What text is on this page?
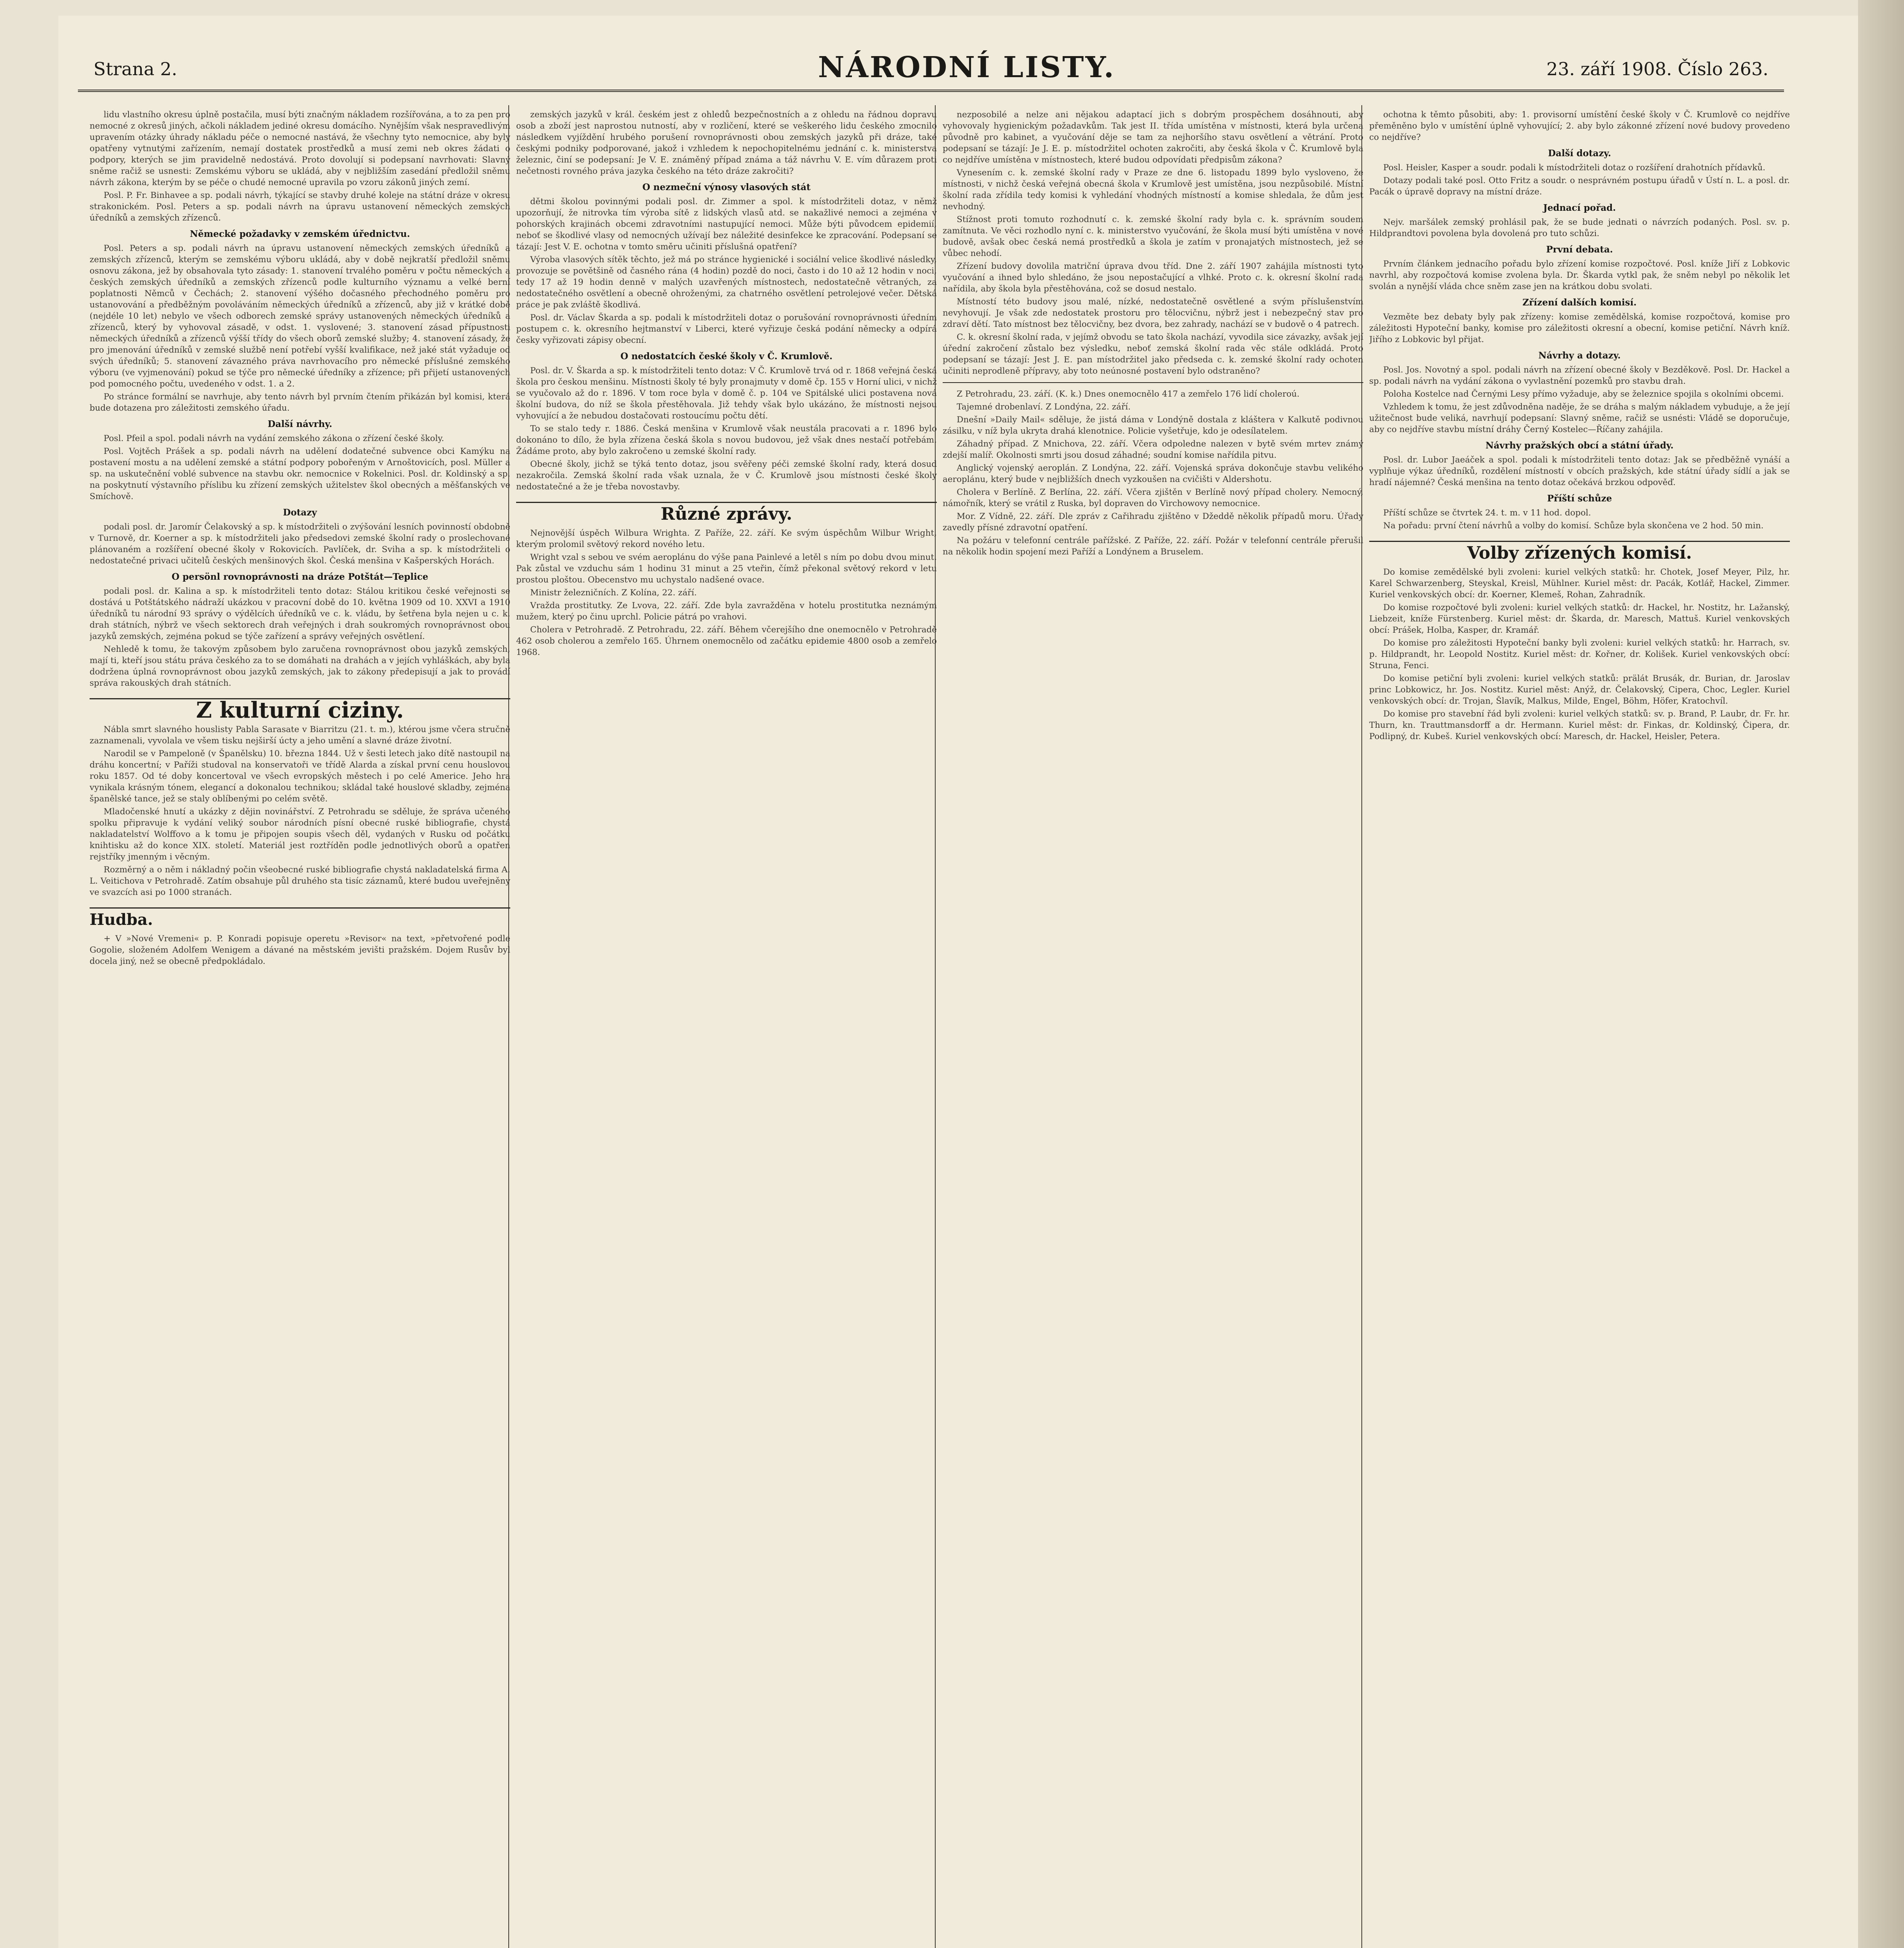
Strana 2.	NÁRODNÍ LISTY.	23. září 1908. Číslo 263.

lidu vlastního okresu úplně postačila, musí býti značným nákladem rozšířována, a to za pen pro nemocné z okresů jiných, ačkoli nákladem jediné okresu domácího. Nynějším však nespravedlivým upravením otázky úhrady nákladu péče o nemocné nastává, že všechny tyto nemocnice, aby byly opatřeny vytnutými zařízením, nemají dostatek prostředků a musí zemi neb okres žádati o podpory, kterých se jim pravidelně nedostává. Proto dovolují si podepsaní navrhovati: Slavný sněme račiž se usnesti: Zemskému výboru se ukládá, aby v nejbližším zasedání předložil sněmu návrh zákona, kterým by se péče o chudé nemocné upravila po vzoru zákonů jiných zemí.

Posl. P. Fr. Binhavee a sp. podali návrh, týkající se stavby druhé koleje na státní dráze v okresu strakonickém. Posl. Peters a sp. podali návrh na úpravu ustanovení německých zemských úředníků a zemských zřízenců.

Německé požadavky v zemském úřednictvu.

Posl. Peters a sp. podali návrh na úpravu ustanovení německých zemských úředníků a zemských zřízenců, kterým se zemskému výboru ukládá, aby v době nejkratší předložil sněmu osnovu zákona, jež by obsahovala tyto zásady: 1. stanovení trvalého poměru v počtu německých a českých zemských úředníků a zemských zřízenců podle kulturního významu a velké berní poplatnosti Němců v Čechách; 2. stanovení výšého dočasného přechodného poměru pro ustanovování a předběžným povoláváním německých úředníků a zřízenců, aby již v krátké době (nejdéle 10 let) nebylo ve všech odborech zemské správy ustanovených německých úředníků a zřízenců, který by vyhovoval zásadě, v odst. 1. vyslovené; 3. stanovení zásad přípustnosti německých úředníků a zřízenců výšší třídy do všech oborů zemské služby; 4. stanovení zásady, že pro jmenování úředníků v zemské službě není potřebí vyšší kvalifikace, než jaké stát vyžaduje od svých úředníků; 5. stanovení závazného práva navrhovacího pro německé příslušné zemského výboru (ve vyjmenování) pokud se týče pro německé úředníky a zřízence; při přijetí ustanovených pod pomocného počtu, uvedeného v odst. 1. a 2.

Po stránce formální se navrhuje, aby tento návrh byl prvním čtením přikázán byl komisi, která bude dotazena pro záležitosti zemského úřadu.

Další návrhy.

Posl. Pfeil a spol. podali návrh na vydání zemského zákona o zřízení české školy.

Posl. Vojtěch Prášek a sp. podali návrh na udělení dodatečné subvence obci Kamýku na postavení mostu a na udělení zemské a státní podpory pobořeným v Arnoštovicích, posl. Müller a sp. na uskutečnění voblé subvence na stavbu okr. nemocnice v Rokelnici. Posl. dr. Koldinský a sp. na poskytnutí výstavního příslibu ku zřízení zemských užitelstev škol obecných a měšťanských ve Smíchově.

Dotazy

podali posl. dr. Jaromír Čelakovský a sp. k místodržiteli o zvýšování lesních povinností obdobně v Turnově, dr. Koerner a sp. k místodržiteli jako předsedovi zemské školní rady o proslechované plánovaném a rozšíření obecné školy v Rokovicích. Pavlíček, dr. Sviha a sp. k místodržiteli o nedostatečné privaci učitelů českých menšinových škol. Česká menšina v Kašperských Horách.

O persönl rovnoprávnosti na dráze Potštát—Teplice

podali posl. dr. Kalina a sp. k místodržiteli tento dotaz: Stálou kritikou české veřejnosti se dostává u Potštátského nádraží ukázkou v pracovní době do 10. května 1909 od 10. XXVI a 1910 úředníků tu národní 93 správy o výdělcích úředníků ve c. k. vládu, by šetřena byla nejen u c. k. drah státních, nýbrž ve všech sektorech drah veřejných i drah soukromých rovnoprávnost obou jazyků zemských, zejména pokud se týče zařízení a správy veřejných osvětlení.

Nehledě k tomu, že takovým způsobem bylo zaručena rovnoprávnost obou jazyků zemských, mají ti, kteří jsou státu práva českého za to se domáhati na drahách a v jejích vyhláškách, aby byla dodržena úplná rovnoprávnost obou jazyků zemských, jak to zákony předepisují a jak to provádí správa rakouských drah státních.

Z kulturní ciziny.

Nábla smrt slavného houslisty Pabla Sarasate v Biarritzu (21. t. m.), ktérou jsme včera stručně zaznamenali, vyvolala ve všem tisku nejširší úcty a jeho umění a slavné dráze životní.

Narodil se v Pampeloně (v Španělsku) 10. března 1844. Už v šesti letech jako dítě nastoupil na dráhu koncertní; v Paříži studoval na konservatoři ve třídě Alarda a získal první cenu houslovou roku 1857. Od té doby koncertoval ve všech evropských městech i po celé Americe. Jeho hra vynikala krásným tónem, elegancí a dokonalou technikou; skládal také houslové skladby, zejména španělské tance, jež se staly oblíbenými po celém světě.

Mladočenské hnutí a ukázky z dějin novinářství. Z Petrohradu se sděluje, že správa učeného spolku připravuje k vydání veliký soubor národních písní obecné ruské bibliografie, chystá nakladatelství Wolffovo a k tomu je připojen soupis všech děl, vydaných v Rusku od počátku knihtisku až do konce XIX. století. Materiál jest roztříděn podle jednotlivých oborů a opatřen rejstříky jmenným i věcným.

Rozměrný a o něm i nákladný počin všeobecné ruské bibliografie chystá nakladatelská firma A. L. Veitichova v Petrohradě. Zatím obsahuje půl druhého sta tisíc záznamů, které budou uveřejněny ve svazcích asi po 1000 stranách.

Hudba.

+ V »Nové Vremeni« p. P. Konradi popisuje operetu »Revisor« na text, »přetvořené podle Gogolie, složeném Adolfem Wenigem a dávané na městském jevišti pražském. Dojem Rusův byl docela jiný, než se obecně předpokládalo.

zemských jazyků v král. českém jest z ohledů bezpečnostních a z ohledu na řádnou dopravu osob a zboží jest naprostou nutností, aby v rozličení, které se veškerého lidu českého zmocnilo následkem vyjíždění hrubého porušení rovnoprávnosti obou zemských jazyků při dráze, také českými podniky podporované, jakož i vzhledem k nepochopitelnému jednání c. k. ministerstva železnic, činí se podepsaní: Je V. E. známěný případ známa a táž návrhu V. E. vím důrazem proti nečetnosti rovného práva jazyka českého na této dráze zakročiti?

O nezmeční výnosy vlasových stát

dětmi školou povinnými podali posl. dr. Zimmer a spol. k místodržiteli dotaz, v němž upozorňují, že nitrovka tím výroba sítě z lidských vlasů atd. se nakažlivé nemoci a zejména v pohorských krajinách obcemi zdravotními nastupující nemoci. Může býti původcem epidemií, neboť se škodlivé vlasy od nemocných užívají bez náležité desinfekce ke zpracování. Podepsaní se tázají: Jest V. E. ochotna v tomto směru učiniti příslušná opatření?

Výroba vlasových sítěk těchto, jež má po stránce hygienické i sociální velice škodlivé následky, provozuje se povětšině od časného rána (4 hodin) pozdě do noci, často i do 10 až 12 hodin v noci, tedy 17 až 19 hodin denně v malých uzavřených místnostech, nedostatečně větraných, za nedostatečného osvětlení a obecně ohroženými, za chatrného osvětlení petrolejové večer. Dětská práce je pak zvláště škodlivá.

Posl. dr. Václav Škarda a sp. podali k místodržiteli dotaz o porušování rovnoprávnosti úředním postupem c. k. okresního hejtmanství v Liberci, které vyřizuje česká podání německy a odpírá česky vyřizovati zápisy obecní.

O nedostatcích české školy v Č. Krumlově.

Posl. dr. V. Škarda a sp. k místodržiteli tento dotaz: V Č. Krumlově trvá od r. 1868 veřejná česká škola pro českou menšinu. Místnosti školy té byly pronajmuty v domě čp. 155 v Horní ulici, v nichž se vyučovalo až do r. 1896. V tom roce byla v domě č. p. 104 ve Spitálské ulici postavena nová školní budova, do níž se škola přestěhovala. Již tehdy však bylo ukázáno, že místnosti nejsou vyhovující a že nebudou dostačovati rostoucímu počtu dětí.

To se stalo tedy r. 1886. Česká menšina v Krumlově však neustála pracovati a r. 1896 bylo dokonáno to dílo, že byla zřízena česká škola s novou budovou, jež však dnes nestačí potřebám. Žádáme proto, aby bylo zakročeno u zemské školní rady.

Obecné školy, jichž se týká tento dotaz, jsou svěřeny péči zemské školní rady, která dosud nezakročila. Zemská školní rada však uznala, že v Č. Krumlově jsou místnosti české školy nedostatečné a že je třeba novostavby.

Různé zprávy.

Nejnovější úspěch Wilbura Wrighta. Z Paříže, 22. září. Ke svým úspěchům Wilbur Wright, kterým prolomil světový rekord nového letu.

Wright vzal s sebou ve svém aeroplánu do výše pana Painlevé a letěl s ním po dobu dvou minut. Pak zůstal ve vzduchu sám 1 hodinu 31 minut a 25 vteřin, čímž překonal světový rekord v letu prostou ploštou. Obecenstvo mu uchystalo nadšené ovace.

Ministr železničních. Z Kolína, 22. září.

Vražda prostitutky. Ze Lvova, 22. září. Zde byla zavražděna v hotelu prostitutka neznámým mužem, který po činu uprchl. Policie pátrá po vrahovi.

Cholera v Petrohradě. Z Petrohradu, 22. září. Během včerejšího dne onemocnělo v Petrohradě 462 osob cholerou a zemřelo 165. Úhrnem onemocnělo od začátku epidemie 4800 osob a zemřelo 1968.

nezposobilé a nelze ani nějakou adaptací jich s dobrým prospěchem dosáhnouti, aby vyhovovaly hygienickým požadavkům. Tak jest II. třída umístěna v místnosti, která byla určena původně pro kabinet, a vyučování děje se tam za nejhoršího stavu osvětlení a větrání. Proto podepsaní se tázají: Je J. E. p. místodržitel ochoten zakročiti, aby česká škola v Č. Krumlově byla co nejdříve umístěna v místnostech, které budou odpovídati předpisům zákona?

Vynesením c. k. zemské školní rady v Praze ze dne 6. listopadu 1899 bylo vysloveno, že místnosti, v nichž česká veřejná obecná škola v Krumlově jest umístěna, jsou nezpůsobilé. Místní školní rada zřídila tedy komisi k vyhledání vhodných místností a komise shledala, že dům jest nevhodný.

Stížnost proti tomuto rozhodnutí c. k. zemské školní rady byla c. k. správním soudem zamítnuta. Ve věci rozhodlo nyní c. k. ministerstvo vyučování, že škola musí býti umístěna v nové budově, avšak obec česká nemá prostředků a škola je zatím v pronajatých místnostech, jež se vůbec nehodí.

Zřízení budovy dovolila matriční úprava dvou tříd. Dne 2. září 1907 zahájila místnosti tyto vyučování a ihned bylo shledáno, že jsou nepostačující a vlhké. Proto c. k. okresní školní rada nařídila, aby škola byla přestěhována, což se dosud nestalo.

Místností této budovy jsou malé, nízké, nedostatečně osvětlené a svým příslušenstvím nevyhovují. Je však zde nedostatek prostoru pro tělocvičnu, nýbrž jest i nebezpečný stav pro zdraví dětí. Tato místnost bez tělocvičny, bez dvora, bez zahrady, nachází se v budově o 4 patrech.

C. k. okresní školní rada, v jejímž obvodu se tato škola nachází, vyvodila sice závazky, avšak její úřední zakročení zůstalo bez výsledku, neboť zemská školní rada věc stále odkládá. Proto podepsaní se tázají: Jest J. E. pan místodržitel jako předseda c. k. zemské školní rady ochoten učiniti neprodleně přípravy, aby toto neúnosné postavení bylo odstraněno?

Z Petrohradu, 23. září. (K. k.) Dnes onemocnělo 417 a zemřelo 176 lidí choleroú.

Tajemné drobenlaví. Z Londýna, 22. září.

Dnešní »Daily Mail« sděluje, že jistá dáma v Londýně dostala z kláštera v Kalkutě podivnou zásilku, v níž byla ukryta drahá klenotnice. Policie vyšetřuje, kdo je odesílatelem.

Záhadný případ. Z Mnichova, 22. září. Včera odpoledne nalezen v bytě svém mrtev známý zdejší malíř. Okolnosti smrti jsou dosud záhadné; soudní komise nařídila pitvu.

Anglický vojenský aeroplán. Z Londýna, 22. září. Vojenská správa dokončuje stavbu velikého aeroplánu, který bude v nejbližších dnech vyzkoušen na cvičišti v Aldershotu.

Cholera v Berlíně. Z Berlína, 22. září. Včera zjištěn v Berlíně nový případ cholery. Nemocný, námořník, který se vrátil z Ruska, byl dopraven do Virchowovy nemocnice.

Mor. Z Vídně, 22. září. Dle zpráv z Cařihradu zjištěno v Džeddě několik případů moru. Úřady zavedly přísné zdravotní opatření.

Na požáru v telefonní centrále pařížské. Z Paříže, 22. září. Požár v telefonní centrále přerušil na několik hodin spojení mezi Paříží a Londýnem a Bruselem.

ochotna k těmto působiti, aby: 1. provisorní umístění české školy v Č. Krumlově co nejdříve přeměněno bylo v umístění úplně vyhovující; 2. aby bylo zákonné zřízení nové budovy provedeno co nejdříve?

Další dotazy.

Posl. Heisler, Kasper a soudr. podali k místodržiteli dotaz o rozšíření drahotních přídavků.

Dotazy podali také posl. Otto Fritz a soudr. o nesprávném postupu úřadů v Ústí n. L. a posl. dr. Pacák o úpravě dopravy na místní dráze.

Jednací pořad.

Nejv. maršálek zemský prohlásil pak, že se bude jednati o návrzích podaných. Posl. sv. p. Hildprandtovi povolena byla dovolená pro tuto schůzi.

První debata.

Prvním článkem jednacího pořadu bylo zřízení komise rozpočtové. Posl. kníže Jiří z Lobkovic navrhl, aby rozpočtová komise zvolena byla. Dr. Škarda vytkl pak, že sněm nebyl po několik let svolán a nynější vláda chce sněm zase jen na krátkou dobu svolati.

Zřízení dalších komisí.

Vezměte bez debaty byly pak zřízeny: komise zemědělská, komise rozpočtová, komise pro záležitosti Hypoteční banky, komise pro záležitosti okresní a obecní, komise petiční. Návrh kníž. Jiřího z Lobkovic byl přijat.

Návrhy a dotazy.

Posl. Jos. Novotný a spol. podali návrh na zřízení obecné školy v Bezděkově. Posl. Dr. Hackel a sp. podali návrh na vydání zákona o vyvlastnění pozemků pro stavbu drah.

Poloha Kostelce nad Černými Lesy přímo vyžaduje, aby se železnice spojila s okolními obcemi.

Vzhledem k tomu, že jest zdůvodněna naděje, že se dráha s malým nákladem vybuduje, a že její užitečnost bude veliká, navrhují podepsaní: Slavný sněme, račiž se usnésti: Vládě se doporučuje, aby co nejdříve stavbu místní dráhy Černý Kostelec—Říčany zahájila.

Návrhy pražských obcí a státní úřady.

Posl. dr. Lubor Jaeáček a spol. podali k místodržiteli tento dotaz: Jak se předběžně vynáší a vyplňuje výkaz úředníků, rozdělení místností v obcích pražských, kde státní úřady sídlí a jak se hradí nájemné? Česká menšina na tento dotaz očekává brzkou odpověď.

Příští schůze

Příští schůze se čtvrtek 24. t. m. v 11 hod. dopol.

Na pořadu: první čtení návrhů a volby do komisí. Schůze byla skončena ve 2 hod. 50 min.

Volby zřízených komisí.

Do komise zemědělské byli zvoleni: kuriel velkých statků: hr. Chotek, Josef Meyer, Pilz, hr. Karel Schwarzenberg, Steyskal, Kreisl, Mühlner. Kuriel měst: dr. Pacák, Kotlář, Hackel, Zimmer. Kuriel venkovských obcí: dr. Koerner, Klemeš, Rohan, Zahradník.

Do komise rozpočtové byli zvoleni: kuriel velkých statků: dr. Hackel, hr. Nostitz, hr. Lažanský, Liebzeit, kníže Fürstenberg. Kuriel měst: dr. Škarda, dr. Maresch, Mattuš. Kuriel venkovských obcí: Prášek, Holba, Kasper, dr. Kramář.

Do komise pro záležitosti Hypoteční banky byli zvoleni: kuriel velkých statků: hr. Harrach, sv. p. Hildprandt, hr. Leopold Nostitz. Kuriel měst: dr. Kořner, dr. Kolišek. Kuriel venkovských obcí: Struna, Fenci.

Do komise petiční byli zvoleni: kuriel velkých statků: prälát Brusák, dr. Burian, dr. Jaroslav princ Lobkowicz, hr. Jos. Nostitz. Kuriel měst: Anýž, dr. Čelakovský, Cipera, Choc, Legler. Kuriel venkovských obcí: dr. Trojan, Šlavík, Malkus, Milde, Engel, Böhm, Höfer, Kratochvíl.

Do komise pro stavební řád byli zvoleni: kuriel velkých statků: sv. p. Brand, P. Laubr, dr. Fr. hr. Thurn, kn. Trauttmansdorff a dr. Hermann. Kuriel měst: dr. Finkas, dr. Koldinský, Čipera, dr. Podlipný, dr. Kubeš. Kuriel venkovských obcí: Maresch, dr. Hackel, Heisler, Petera.
